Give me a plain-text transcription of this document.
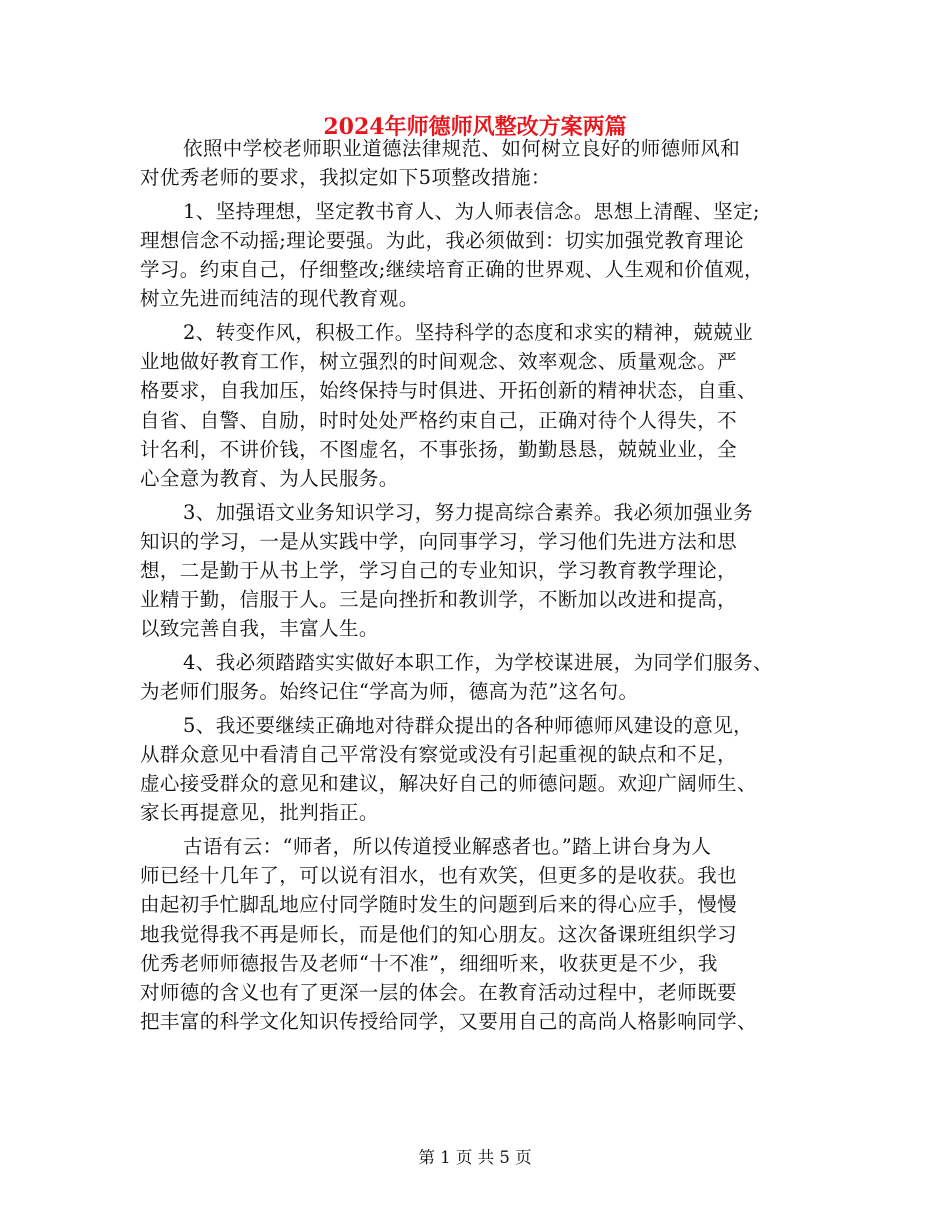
2024年师德师风整改方案两篇
依照中学校老师职业道德法律规范、如何树立良好的师德师风和
对优秀老师的要求，我拟定如下5项整改措施：
1、坚持理想，坚定教书育人、为人师表信念。思想上清醒、坚定;
理想信念不动摇;理论要强。为此，我必须做到：切实加强党教育理论
学习。约束自己，仔细整改;继续培育正确的世界观、人生观和价值观，
树立先进而纯洁的现代教育观。
2、转变作风，积极工作。坚持科学的态度和求实的精神，兢兢业
业地做好教育工作，树立强烈的时间观念、效率观念、质量观念。严
格要求，自我加压，始终保持与时俱进、开拓创新的精神状态，自重、
自省、自警、自励，时时处处严格约束自己，正确对待个人得失，不
计名利，不讲价钱，不图虚名，不事张扬，勤勤恳恳，兢兢业业，全
心全意为教育、为人民服务。
3、加强语文业务知识学习，努力提高综合素养。我必须加强业务
知识的学习，一是从实践中学，向同事学习，学习他们先进方法和思
想，二是勤于从书上学，学习自己的专业知识，学习教育教学理论，
业精于勤，信服于人。三是向挫折和教训学，不断加以改进和提高，
以致完善自我，丰富人生。
4、我必须踏踏实实做好本职工作，为学校谋进展，为同学们服务、
为老师们服务。始终记住“学高为师，德高为范”这名句。
5、我还要继续正确地对待群众提出的各种师德师风建设的意见，
从群众意见中看清自己平常没有察觉或没有引起重视的缺点和不足，
虚心接受群众的意见和建议，解决好自己的师德问题。欢迎广阔师生、
家长再提意见，批判指正。
古语有云：“师者，所以传道授业解惑者也。”踏上讲台身为人
师已经十几年了，可以说有泪水，也有欢笑，但更多的是收获。我也
由起初手忙脚乱地应付同学随时发生的问题到后来的得心应手，慢慢
地我觉得我不再是师长，而是他们的知心朋友。这次备课班组织学习
优秀老师师德报告及老师“十不准”，细细听来，收获更是不少，我
对师德的含义也有了更深一层的体会。在教育活动过程中，老师既要
把丰富的科学文化知识传授给同学，又要用自己的高尚人格影响同学、
第 1 页 共 5 页
